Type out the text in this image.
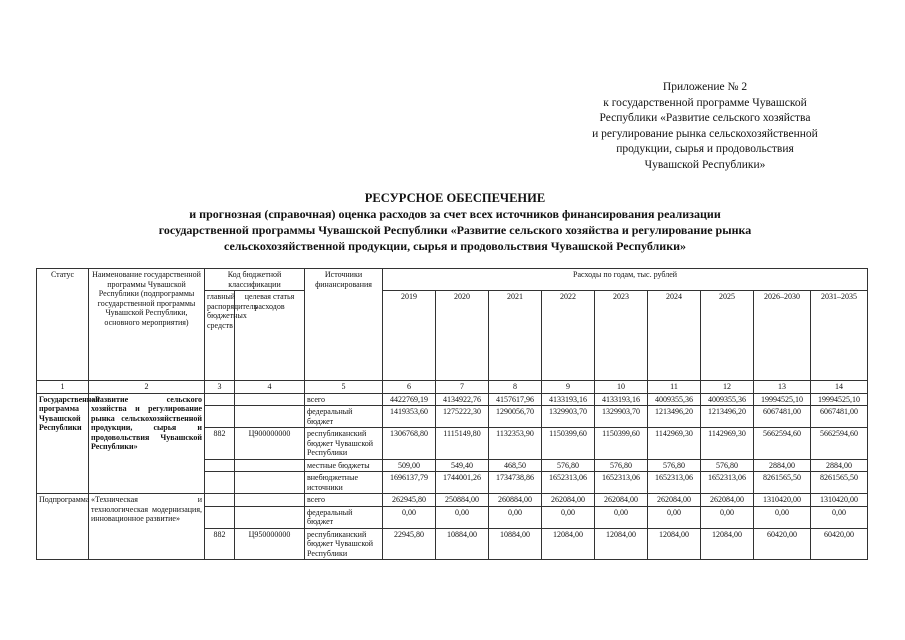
Приложение № 2
к государственной программе Чувашской
Республики «Развитие сельского хозяйства
и регулирование рынка сельскохозяйственной
продукции, сырья и продовольствия
Чувашской Республики»
РЕСУРСНОЕ ОБЕСПЕЧЕНИЕ
и прогнозная (справочная) оценка расходов за счет всех источников финансирования реализации
государственной программы Чувашской Республики «Развитие сельского хозяйства и регулирование рынка
сельскохозяйственной продукции, сырья и продовольствия Чувашской Республики»
Статус	Наименование государственной программы Чувашской Республики (подпрограммы государственной программы Чувашской Республики, основного мероприятия)	Код бюджетной классификации		Источники финансирования	Расходы по годам, тыс. рублей								
		главный распорядитель бюджетных средств	целевая статья расходов		2019	2020	2021	2022	2023	2024	2025	2026–2030	2031–2035
1	2	3	4	5	6	7	8	9	10	11	12	13	14
Государственная программа Чувашской Республики	«Развитие сельского хозяйства и регулирование рынка сельскохозяйственной продукции, сырья и продовольствия Чувашской Республики»			всего	4422769,19	4134922,76	4157617,96	4133193,16	4133193,16	4009355,36	4009355,36	19994525,10	19994525,10
				федеральный бюджет	1419353,60	1275222,30	1290056,70	1329903,70	1329903,70	1213496,20	1213496,20	6067481,00	6067481,00
		882	Ц900000000	республиканский бюджет Чувашской Республики	1306768,80	1115149,80	1132353,90	1150399,60	1150399,60	1142969,30	1142969,30	5662594,60	5662594,60
				местные бюджеты	509,00	549,40	468,50	576,80	576,80	576,80	576,80	2884,00	2884,00
				внебюджетные источники	1696137,79	1744001,26	1734738,86	1652313,06	1652313,06	1652313,06	1652313,06	8261565,50	8261565,50
Подпрограмма	«Техническая и технологическая модернизация, инновационное развитие»			всего	262945,80	250884,00	260884,00	262084,00	262084,00	262084,00	262084,00	1310420,00	1310420,00
				федеральный бюджет	0,00	0,00	0,00	0,00	0,00	0,00	0,00	0,00	0,00
		882	Ц950000000	республиканский бюджет Чувашской Республики	22945,80	10884,00	10884,00	12084,00	12084,00	12084,00	12084,00	60420,00	60420,00
